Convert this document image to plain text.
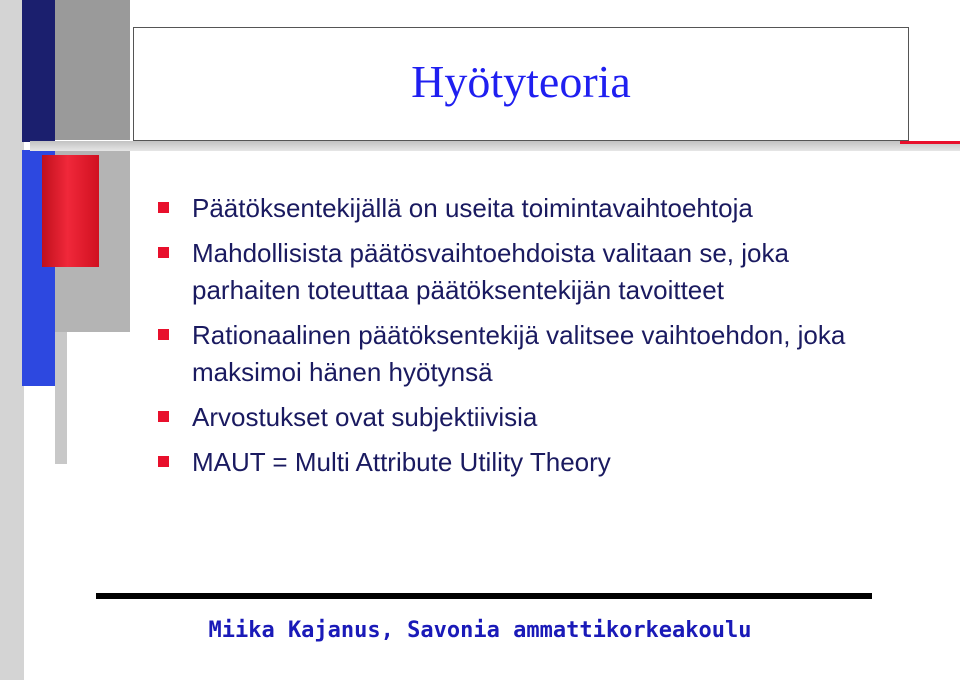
Hyötyteoria
Päätöksentekijällä on useita toimintavaihtoehtoja
Mahdollisista päätösvaihtoehdoista valitaan se, joka parhaiten toteuttaa päätöksentekijän tavoitteet
Rationaalinen päätöksentekijä valitsee vaihtoehdon, joka maksimoi hänen hyötynsä
Arvostukset ovat subjektiivisia
MAUT = Multi Attribute Utility Theory
Miika Kajanus, Savonia ammattikorkeakoulu
